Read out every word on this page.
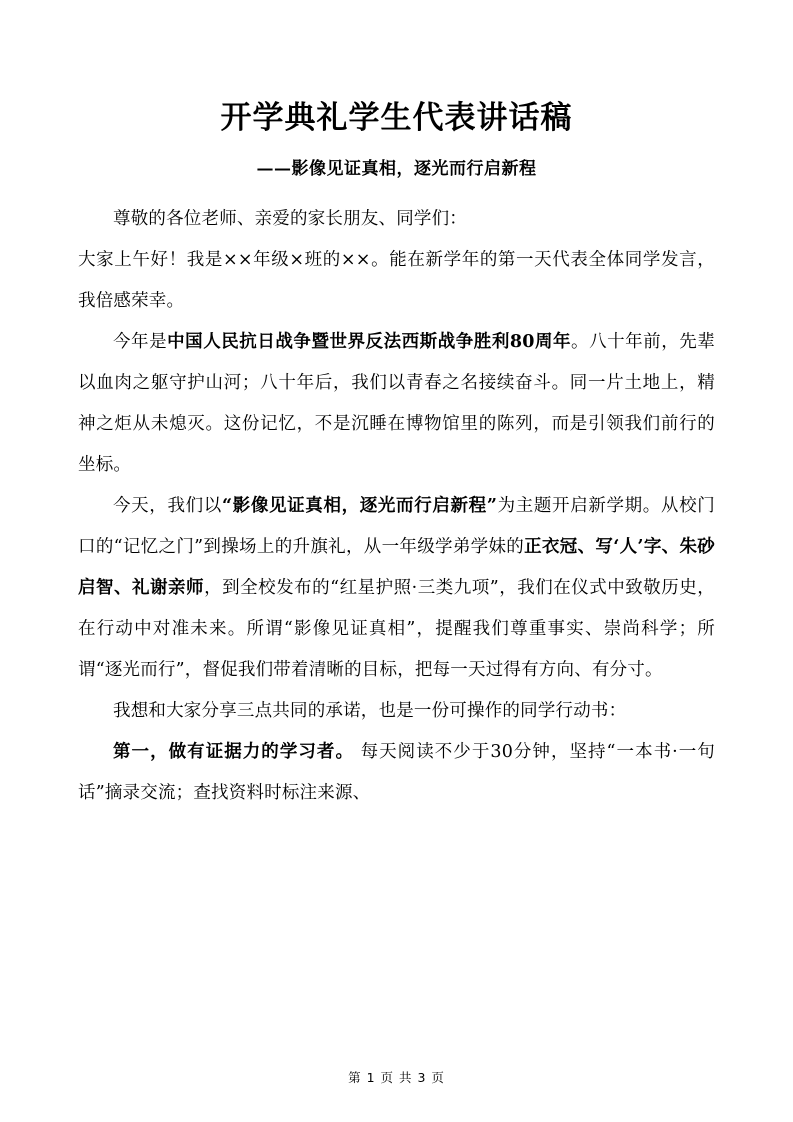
开学典礼学生代表讲话稿
——影像见证真相，逐光而行启新程

尊敬的各位老师、亲爱的家长朋友、同学们：

大家上午好！我是××年级×班的××。能在新学年的第一天代表全体同学发言，我倍感荣幸。

今年是中国人民抗日战争暨世界反法西斯战争胜利80周年。八十年前，先辈以血肉之躯守护山河；八十年后，我们以青春之名接续奋斗。同一片土地上，精神之炬从未熄灭。这份记忆，不是沉睡在博物馆里的陈列，而是引领我们前行的坐标。

今天，我们以“影像见证真相，逐光而行启新程”为主题开启新学期。从校门口的“记忆之门”到操场上的升旗礼，从一年级学弟学妹的正衣冠、写‘人’字、朱砂启智、礼谢亲师，到全校发布的“红星护照·三类九项”，我们在仪式中致敬历史，在行动中对准未来。所谓“影像见证真相”，提醒我们尊重事实、崇尚科学；所谓“逐光而行”，督促我们带着清晰的目标，把每一天过得有方向、有分寸。

我想和大家分享三点共同的承诺，也是一份可操作的同学行动书：

第一，做有证据力的学习者。 每天阅读不少于30分钟，坚持“一本书·一句话”摘录交流；查找资料时标注来源、

第 1 页 共 3 页
